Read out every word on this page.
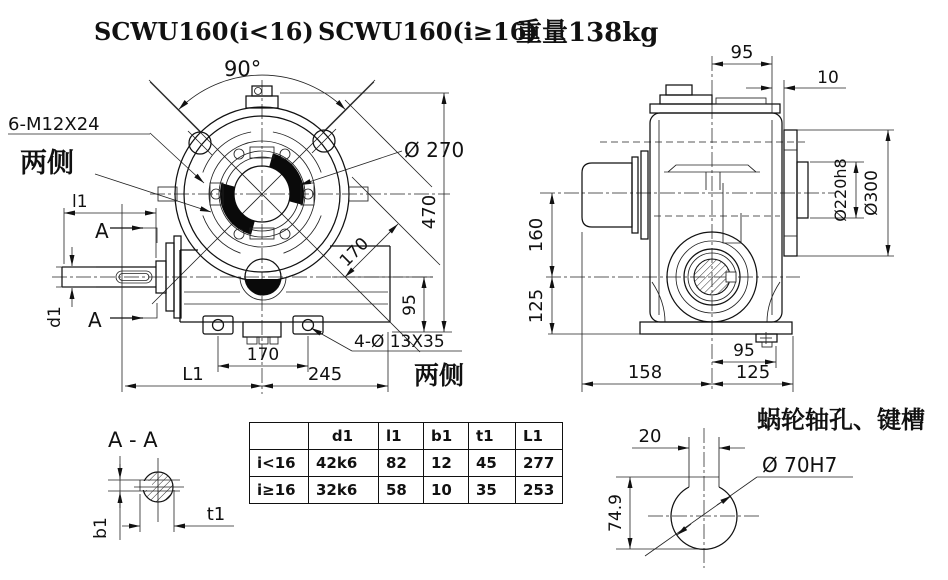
SCWU160(i<16) SCWU160(i≥16)
重量138kg
l1
d1
A
A
90°
470
95
Ø 270
170
6-M12X24
两侧
170
L1	245
4-Ø 13X35
两侧
95
10
160
125
Ø220h8 Ø300
95
158	125
A - A
b1
t1
蜗轮轴孔、键槽
74.9
20
Ø 70H7
	d1	l1	b1	t1	L1
i<16	42k6	82	12	45	277
i≥16	32k6	58	10	35	253
